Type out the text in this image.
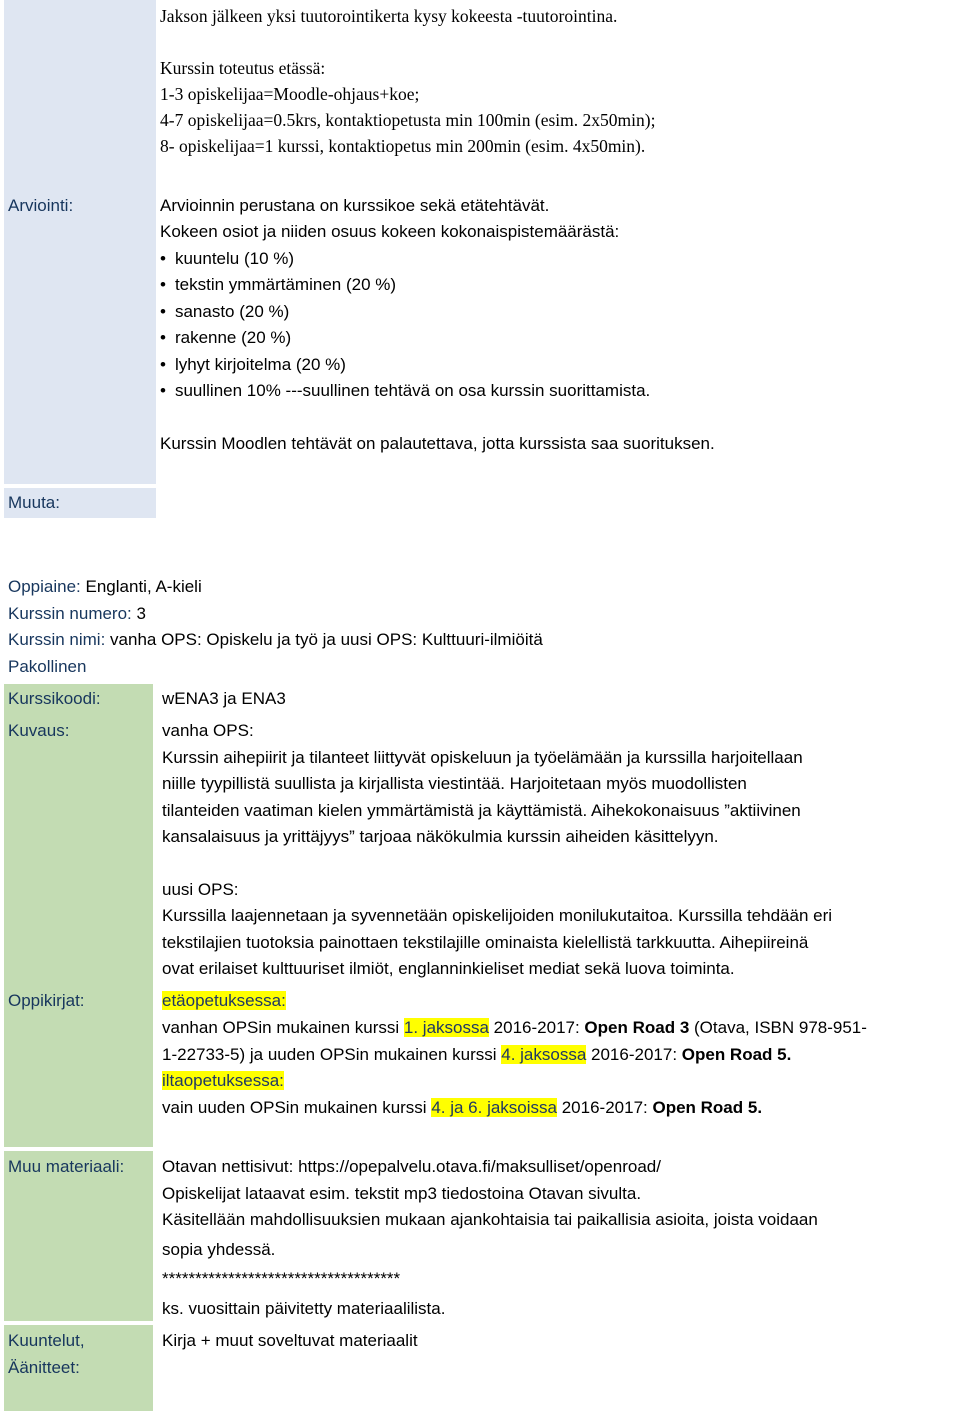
Jakson jälkeen yksi tuutorointikerta kysy kokeesta -tuutorointina.
Kurssin toteutus etässä:
1-3 opiskelijaa=Moodle-ohjaus+koe;
4-7 opiskelijaa=0.5krs, kontaktiopetusta min 100min (esim. 2x50min);
8- opiskelijaa=1 kurssi, kontaktiopetus min 200min (esim. 4x50min).
Arviointi:	Arvioinnin perustana on kurssikoe sekä etätehtävät.
Kokeen osiot ja niiden osuus kokeen kokonaispistemäärästä:
• kuuntelu (10 %)
• tekstin ymmärtäminen (20 %)
• sanasto (20 %)
• rakenne (20 %)
• lyhyt kirjoitelma (20 %)
• suullinen 10% ---suullinen tehtävä on osa kurssin suorittamista.
Kurssin Moodlen tehtävät on palautettava, jotta kurssista saa suorituksen.
Muuta:
Oppiaine: Englanti, A-kieli
Kurssin numero: 3
Kurssin nimi: vanha OPS: Opiskelu ja työ ja uusi OPS: Kulttuuri-ilmiöitä
Pakollinen
Kurssikoodi:	wENA3 ja ENA3
Kuvaus:	vanha OPS:
Kurssin aihepiirit ja tilanteet liittyvät opiskeluun ja työelämään ja kurssilla harjoitellaan
niille tyypillistä suullista ja kirjallista viestintää. Harjoitetaan myös muodollisten
tilanteiden vaatiman kielen ymmärtämistä ja käyttämistä. Aihekokonaisuus ”aktiivinen
kansalaisuus ja yrittäjyys” tarjoaa näkökulmia kurssin aiheiden käsittelyyn.
uusi OPS:
Kurssilla laajennetaan ja syvennetään opiskelijoiden monilukutaitoa. Kurssilla tehdään eri
tekstilajien tuotoksia painottaen tekstilajille ominaista kielellistä tarkkuutta. Aihepiireinä
ovat erilaiset kulttuuriset ilmiöt, englanninkieliset mediat sekä luova toiminta.
Oppikirjat:	etäopetuksessa:
vanhan OPSin mukainen kurssi 1. jaksossa 2016-2017: Open Road 3 (Otava, ISBN 978-951-
1-22733-5) ja uuden OPSin mukainen kurssi 4. jaksossa 2016-2017: Open Road 5.
iltaopetuksessa:
vain uuden OPSin mukainen kurssi 4. ja 6. jaksoissa 2016-2017: Open Road 5.
Muu materiaali: Otavan nettisivut: https://opepalvelu.otava.fi/maksulliset/openroad/
Opiskelijat lataavat esim. tekstit mp3 tiedostoina Otavan sivulta.
Käsitellään mahdollisuuksien mukaan ajankohtaisia tai paikallisia asioita, joista voidaan
sopia yhdessä.
************************************
ks. vuosittain päivitetty materiaalilista.
Kuuntelut,
Äänitteet:
Kirja + muut soveltuvat materiaalit
